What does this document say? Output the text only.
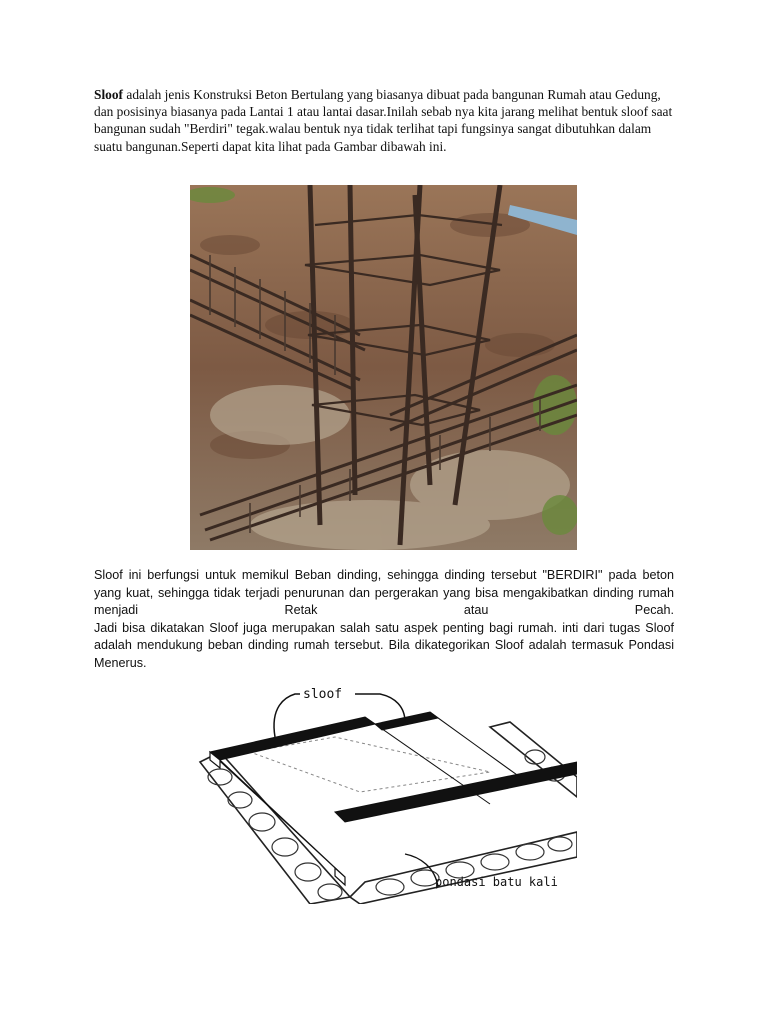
Sloof adalah jenis Konstruksi Beton Bertulang yang biasanya dibuat pada bangunan Rumah atau Gedung, dan posisinya biasanya pada Lantai 1 atau lantai dasar.Inilah sebab nya kita jarang melihat bentuk sloof saat bangunan sudah "Berdiri" tegak.walau bentuk nya tidak terlihat tapi fungsinya sangat dibutuhkan dalam suatu bangunan.Seperti dapat kita lihat pada Gambar dibawah ini.

Sloof ini berfungsi untuk memikul Beban dinding, sehingga dinding tersebut "BERDIRI" pada beton yang kuat, sehingga tidak terjadi penurunan dan pergerakan yang bisa mengakibatkan dinding rumah menjadi Retak atau Pecah.
Jadi bisa dikatakan Sloof juga merupakan salah satu aspek penting bagi rumah. inti dari tugas Sloof adalah mendukung beban dinding rumah tersebut. Bila dikategorikan Sloof adalah termasuk Pondasi Menerus.

sloof
pondasi batu kali
